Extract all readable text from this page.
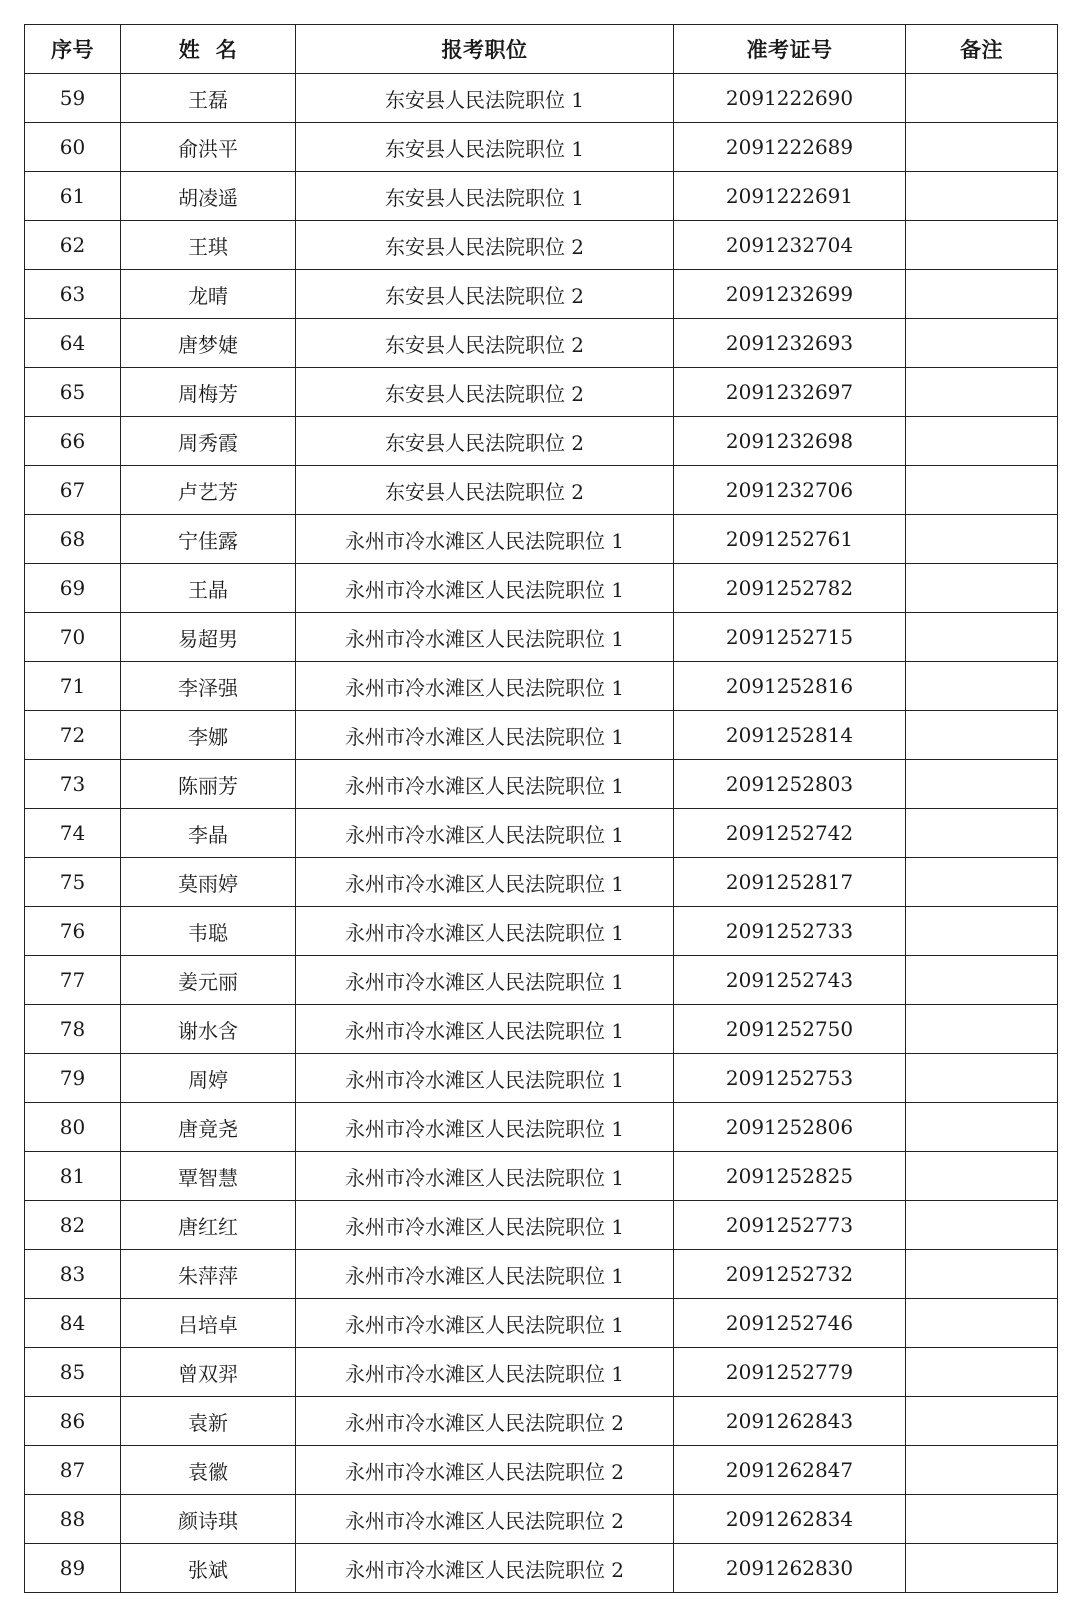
序号	姓  名	报考职位	准考证号	备注
59	王磊	东安县人民法院职位 1	2091222690	
60	俞洪平	东安县人民法院职位 1	2091222689	
61	胡凌遥	东安县人民法院职位 1	2091222691	
62	王琪	东安县人民法院职位 2	2091232704	
63	龙晴	东安县人民法院职位 2	2091232699	
64	唐梦婕	东安县人民法院职位 2	2091232693	
65	周梅芳	东安县人民法院职位 2	2091232697	
66	周秀霞	东安县人民法院职位 2	2091232698	
67	卢艺芳	东安县人民法院职位 2	2091232706	
68	宁佳露	永州市冷水滩区人民法院职位 1	2091252761	
69	王晶	永州市冷水滩区人民法院职位 1	2091252782	
70	易超男	永州市冷水滩区人民法院职位 1	2091252715	
71	李泽强	永州市冷水滩区人民法院职位 1	2091252816	
72	李娜	永州市冷水滩区人民法院职位 1	2091252814	
73	陈丽芳	永州市冷水滩区人民法院职位 1	2091252803	
74	李晶	永州市冷水滩区人民法院职位 1	2091252742	
75	莫雨婷	永州市冷水滩区人民法院职位 1	2091252817	
76	韦聪	永州市冷水滩区人民法院职位 1	2091252733	
77	姜元丽	永州市冷水滩区人民法院职位 1	2091252743	
78	谢水含	永州市冷水滩区人民法院职位 1	2091252750	
79	周婷	永州市冷水滩区人民法院职位 1	2091252753	
80	唐竟尧	永州市冷水滩区人民法院职位 1	2091252806	
81	覃智慧	永州市冷水滩区人民法院职位 1	2091252825	
82	唐红红	永州市冷水滩区人民法院职位 1	2091252773	
83	朱萍萍	永州市冷水滩区人民法院职位 1	2091252732	
84	吕培卓	永州市冷水滩区人民法院职位 1	2091252746	
85	曾双羿	永州市冷水滩区人民法院职位 1	2091252779	
86	袁新	永州市冷水滩区人民法院职位 2	2091262843	
87	袁徽	永州市冷水滩区人民法院职位 2	2091262847	
88	颜诗琪	永州市冷水滩区人民法院职位 2	2091262834	
89	张斌	永州市冷水滩区人民法院职位 2	2091262830	
